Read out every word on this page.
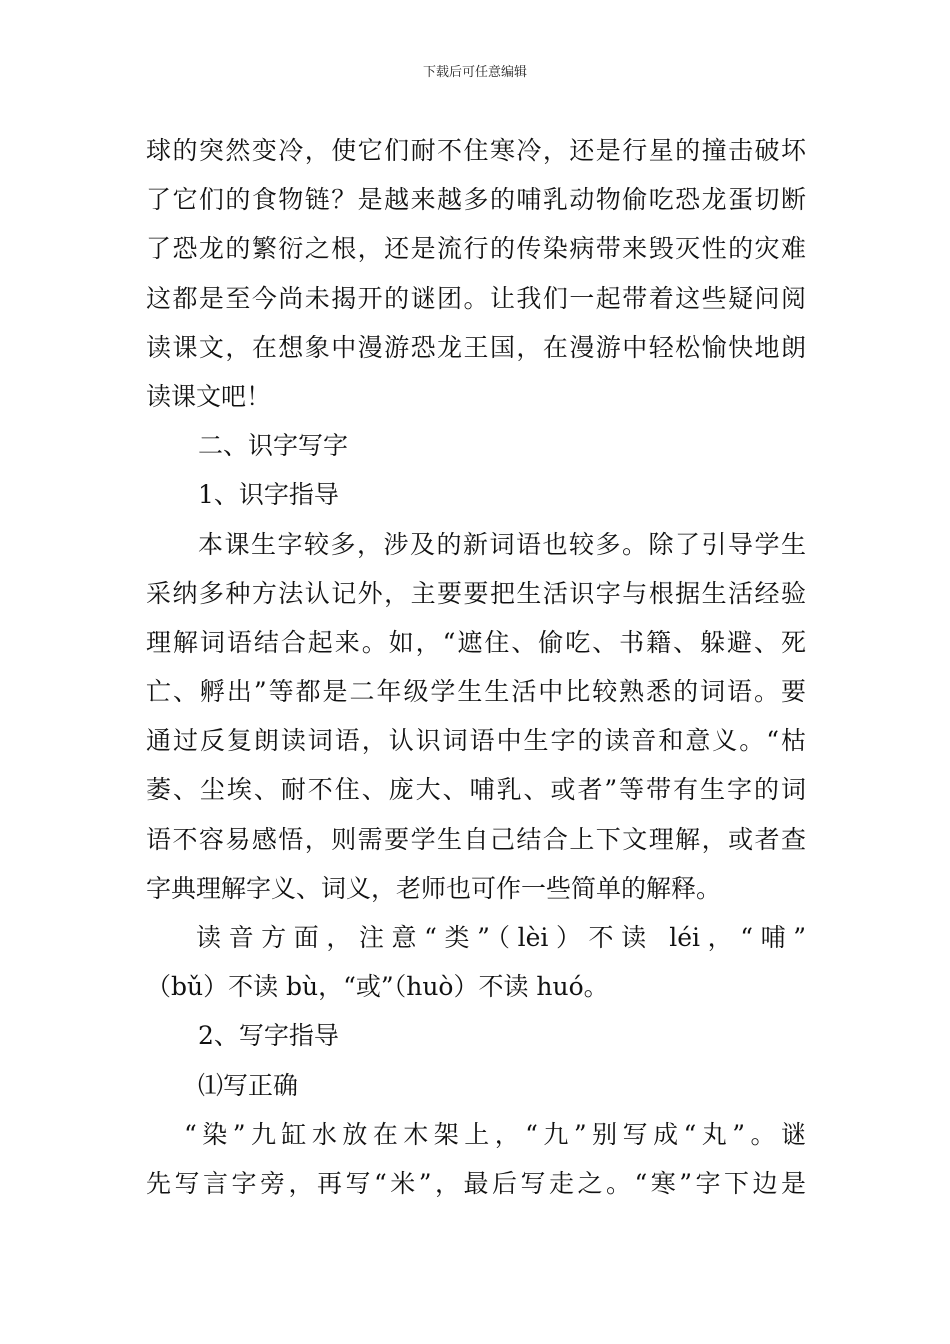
下载后可任意编辑
球的突然变冷，使它们耐不住寒冷，还是行星的撞击破坏
了它们的食物链？是越来越多的哺乳动物偷吃恐龙蛋切断
了恐龙的繁衍之根，还是流行的传染病带来毁灭性的灾难
这都是至今尚未揭开的谜团。让我们一起带着这些疑问阅
读课文，在想象中漫游恐龙王国，在漫游中轻松愉快地朗
读课文吧！
二、识字写字
1、识字指导
本课生字较多，涉及的新词语也较多。除了引导学生
采纳多种方法认记外，主要要把生活识字与根据生活经验
理解词语结合起来。如，“遮住、偷吃、书籍、躲避、死
亡、孵出”等都是二年级学生生活中比较熟悉的词语。要
通过反复朗读词语，认识词语中生字的读音和意义。“枯
萎、尘埃、耐不住、庞大、哺乳、或者”等带有生字的词
语不容易感悟，则需要学生自己结合上下文理解，或者查
字典理解字义、词义，老师也可作一些简单的解释。
读音方面，注意“类”（lèi）不读 léi，“哺”
（bǔ）不读 bù，“或”（huò）不读 huó。
2、写字指导
⑴写正确
“染”九缸水放在木架上，“九”别写成“丸”。谜
先写言字旁，再写“米”，最后写走之。“寒”字下边是
